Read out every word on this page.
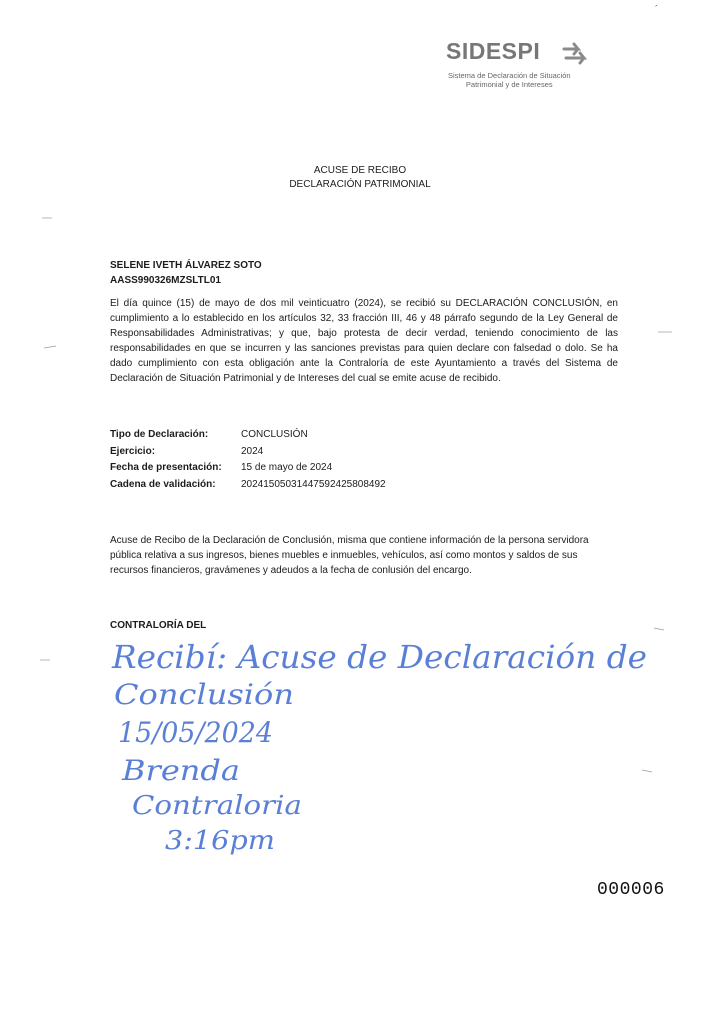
SIDESPI
Sistema de Declaración de Situación
Patrimonial y de Intereses
´
ACUSE DE RECIBO
DECLARACIÓN PATRIMONIAL
SELENE IVETH ÁLVAREZ SOTO
AASS990326MZSLTL01
El día quince (15) de mayo de dos mil veinticuatro (2024), se recibió su DECLARACIÓN CONCLUSIÓN, en cumplimiento a lo establecido en los artículos 32, 33 fracción III, 46 y 48 párrafo segundo de la Ley General de Responsabilidades Administrativas; y que, bajo protesta de decir verdad, teniendo conocimiento de las responsabilidades en que se incurren y las sanciones previstas para quien declare con falsedad o dolo. Se ha dado cumplimiento con esta obligación ante la Contraloría de este Ayuntamiento a través del Sistema de Declaración de Situación Patrimonial y de Intereses del cual se emite acuse de recibido.
Tipo de Declaración:	CONCLUSIÓN
Ejercicio:	2024
Fecha de presentación:	15 de mayo de 2024
Cadena de validación:	20241505031447592425808492
Acuse de Recibo de la Declaración de Conclusión, misma que contiene información de la persona servidora pública relativa a sus ingresos, bienes muebles e inmuebles, vehículos, así como montos y saldos de sus recursos financieros, gravámenes y adeudos a la fecha de conlusión del encargo.
CONTRALORÍA DEL
Recibí: Acuse de Declaración de
Conclusión
15/05/2024
Brenda
Contraloria
3:16pm
000006
